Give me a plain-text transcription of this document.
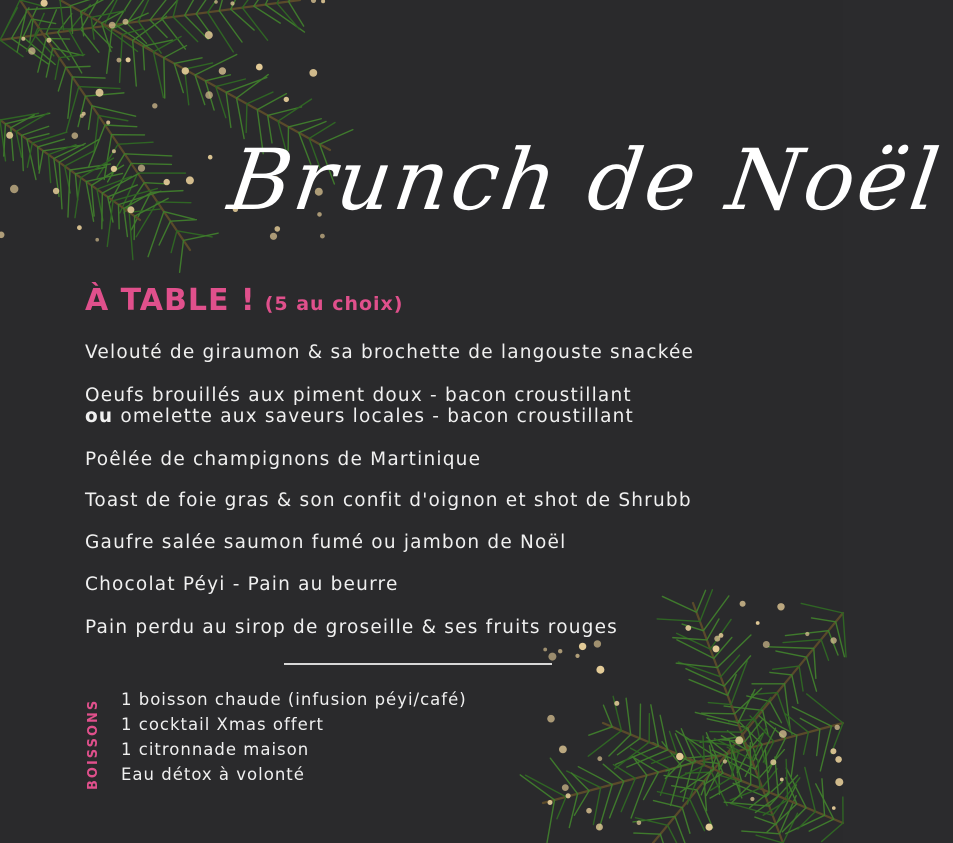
Brunch de Noël
À TABLE ! (5 au choix)
Velouté de giraumon & sa brochette de langouste snackée
Oeufs brouillés aux piment doux - bacon croustillant
ou omelette aux saveurs locales - bacon croustillant
Poêlée de champignons de Martinique
Toast de foie gras & son confit d'oignon et shot de Shrubb
Gaufre salée saumon fumé ou jambon de Noël
Chocolat Péyi - Pain au beurre
Pain perdu au sirop de groseille & ses fruits rouges
BOISSONS 1 boisson chaude (infusion péyi/café)
1 cocktail Xmas offert
1 citronnade maison
Eau détox à volonté
